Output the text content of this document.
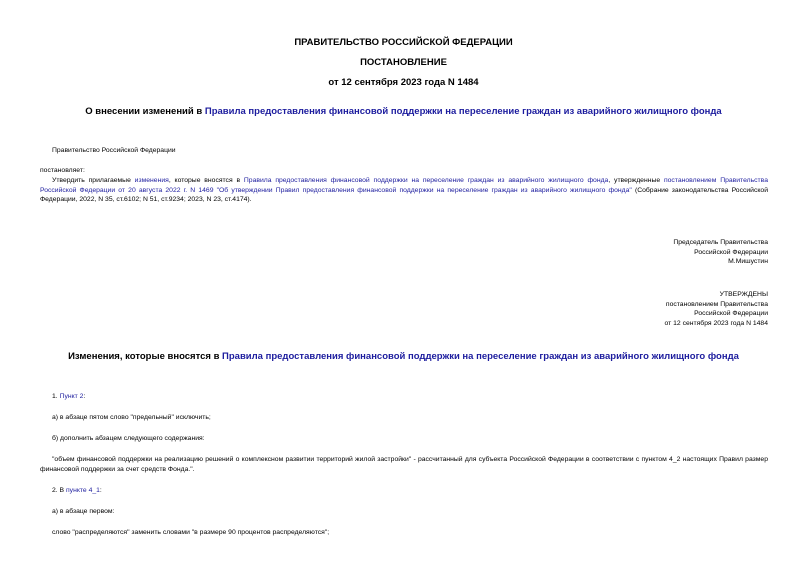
ПРАВИТЕЛЬСТВО РОССИЙСКОЙ ФЕДЕРАЦИИ
ПОСТАНОВЛЕНИЕ
от 12 сентября 2023 года N 1484
О внесении изменений в Правила предоставления финансовой поддержки на переселение граждан из аварийного жилищного фонда
Правительство Российской Федерации
постановляет:
Утвердить прилагаемые изменения, которые вносятся в Правила предоставления финансовой поддержки на переселение граждан из аварийного жилищного фонда, утвержденные постановлением Правительства Российской Федерации от 20 августа 2022 г. N 1469 "Об утверждении Правил предоставления финансовой поддержки на переселение граждан из аварийного жилищного фонда" (Собрание законодательства Российской Федерации, 2022, N 35, ст.6102; N 51, ст.9234; 2023, N 23, ст.4174).
Председатель Правительства
Российской Федерации
М.Мишустин
УТВЕРЖДЕНЫ
постановлением Правительства
Российской Федерации
от 12 сентября 2023 года N 1484
Изменения, которые вносятся в Правила предоставления финансовой поддержки на переселение граждан из аварийного жилищного фонда
1. Пункт 2:
а) в абзаце пятом слово "предельный" исключить;
б) дополнить абзацем следующего содержания:
"объем финансовой поддержки на реализацию решений о комплексном развитии территорий жилой застройки" - рассчитанный для субъекта Российской Федерации в соответствии с пунктом 4_2 настоящих Правил размер финансовой поддержки за счет средств Фонда.".
2. В пункте 4_1:
а) в абзаце первом:
слово "распределяются" заменить словами "в размере 90 процентов распределяются";
